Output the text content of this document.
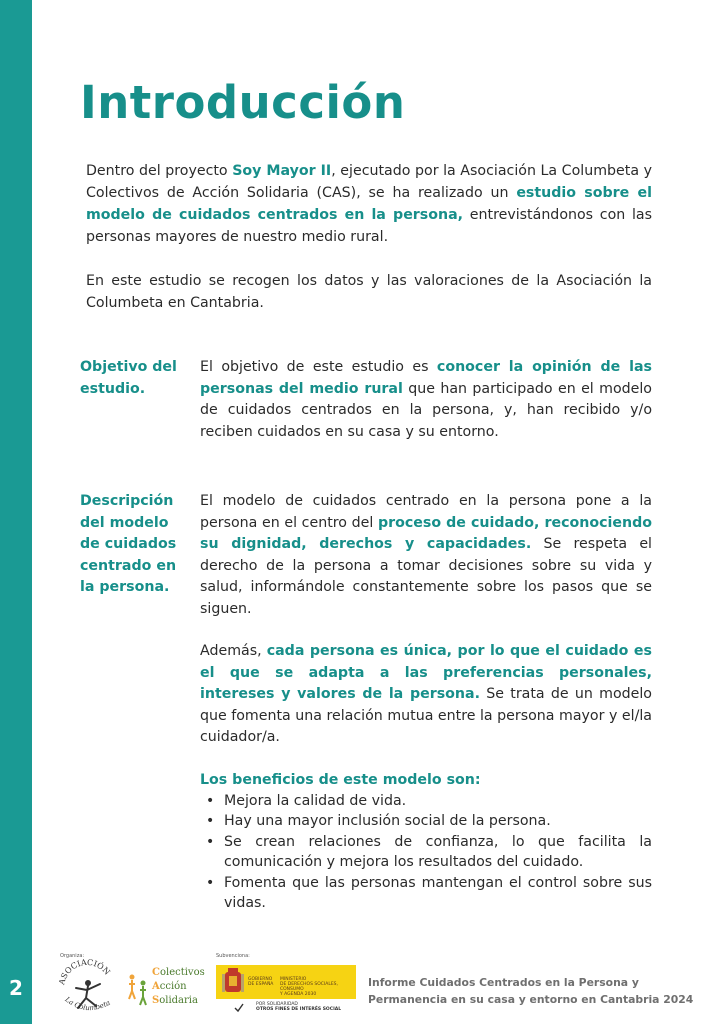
2
Introducción

Dentro del proyecto Soy Mayor II, ejecutado por la Asociación La Columbeta y Colectivos de Acción Solidaria (CAS), se ha realizado un estudio sobre el modelo de cuidados centrados en la persona, entrevistándonos con las personas mayores de nuestro medio rural.

En este estudio se recogen los datos y las valoraciones de la Asociación la Columbeta en Cantabria.

Objetivo del estudio.

El objetivo de este estudio es conocer la opinión de las personas del medio rural que han participado en el modelo de cuidados centrados en la persona, y, han recibido y/o reciben cuidados en su casa y su entorno.

Descripción del modelo de cuidados centrado en la persona.

El modelo de cuidados centrado en la persona pone a la persona en el centro del proceso de cuidado, reconociendo su dignidad, derechos y capacidades. Se respeta el derecho de la persona a tomar decisiones sobre su vida y salud, informándole constantemente sobre los pasos que se siguen.

Además, cada persona es única, por lo que el cuidado es el que se adapta a las preferencias personales, intereses y valores de la persona. Se trata de un modelo que fomenta una relación mutua entre la persona mayor y el/la cuidador/a.

Los beneficios de este modelo son:
• Mejora la calidad de vida.
• Hay una mayor inclusión social de la persona.
• Se crean relaciones de confianza, lo que facilita la comunicación y mejora los resultados del cuidado.
• Fomenta que las personas mantengan el control sobre sus vidas.
Organiza:	Subvenciona:
ASOCIACIÓN
La Columbeta
Colectivos
Acción
Solidaria
GOBIERNO
DE ESPAÑA
MINISTERIO
DE DERECHOS SOCIALES, CONSUMO
Y AGENDA 2030
POR SOLIDARIDAD
OTROS FINES DE INTERÉS SOCIAL
Informe Cuidados Centrados en la Persona y Permanencia en su casa y entorno en Cantabria 2024
